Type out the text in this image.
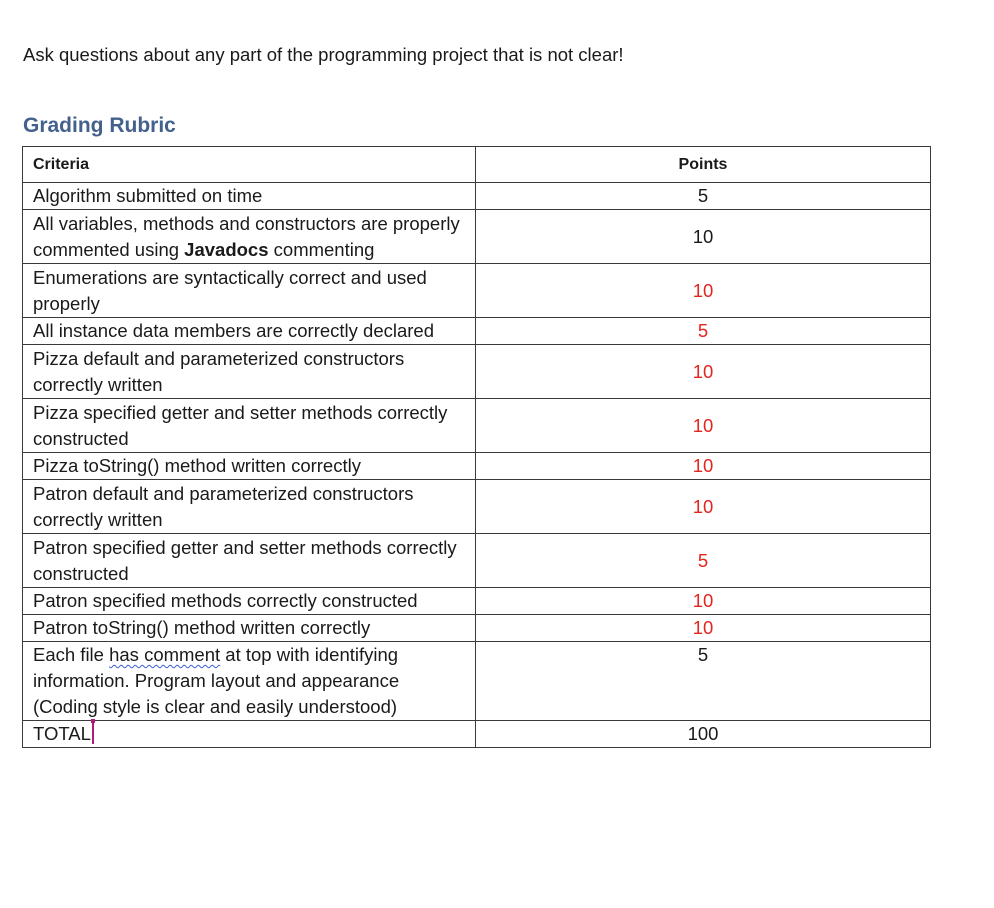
Ask questions about any part of the programming project that is not clear!

Grading Rubric
Criteria	Points
Algorithm submitted on time	5
All variables, methods and constructors are properly commented using Javadocs commenting	10
Enumerations are syntactically correct and used properly	10
All instance data members are correctly declared	5
Pizza default and parameterized constructors correctly written	10
Pizza specified getter and setter methods correctly constructed	10
Pizza toString() method written correctly	10
Patron default and parameterized constructors correctly written	10
Patron specified getter and setter methods correctly constructed	5
Patron specified methods correctly constructed	10
Patron toString() method written correctly	10
Each file has comment at top with identifying information. Program layout and appearance (Coding style is clear and easily understood)	5
TOTAL	100
